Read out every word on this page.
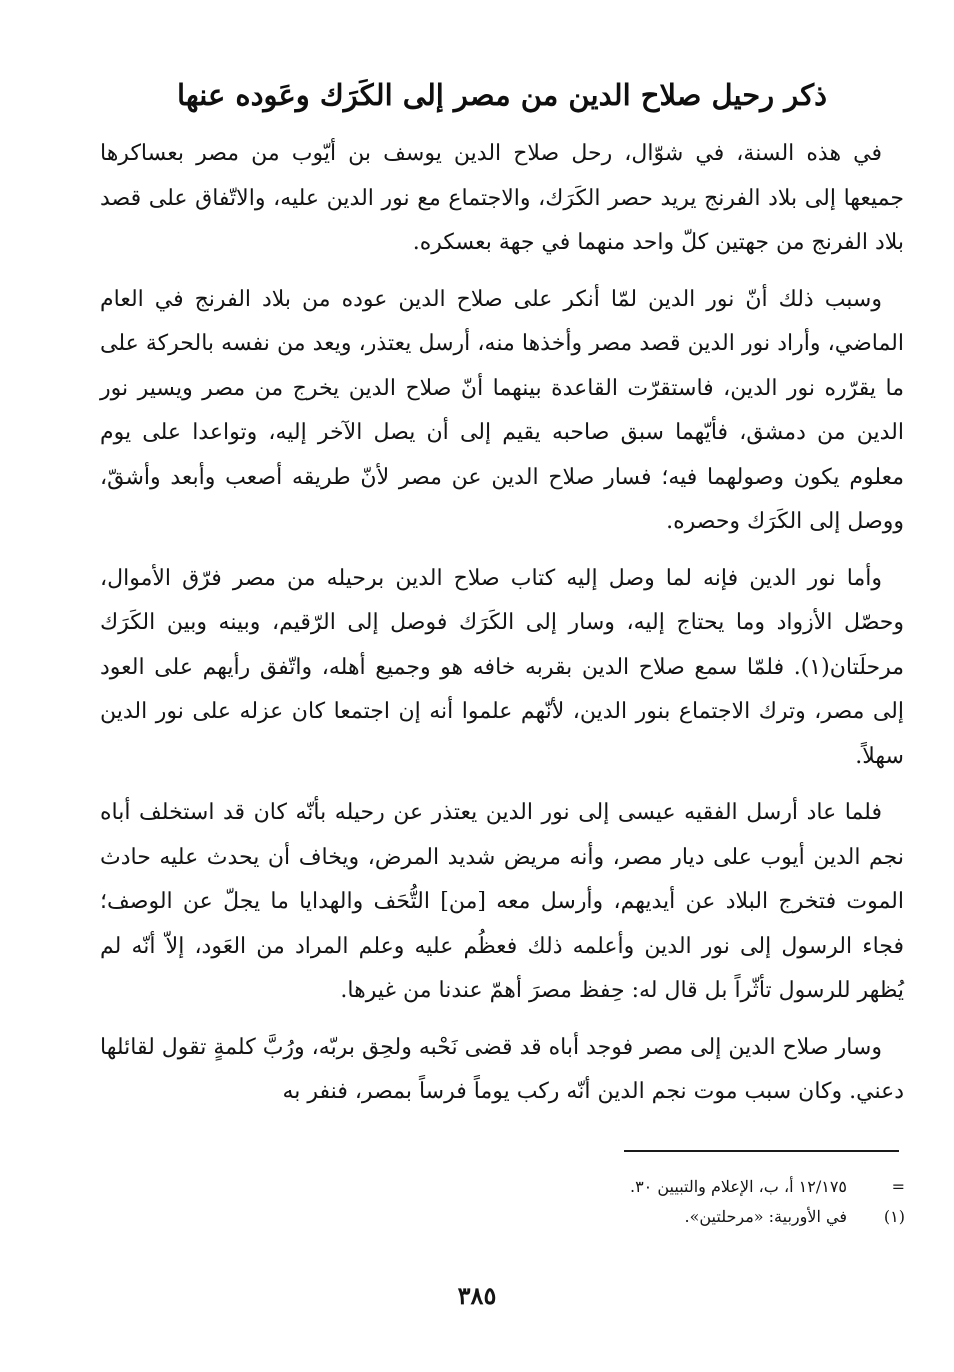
ذكر رحيل صلاح الدين من مصر إلى الكَرَك وعَوده عنها

في هذه السنة، في شوّال، رحل صلاح الدين يوسف بن أيّوب من مصر بعساكرها جميعها إلى بلاد الفرنج يريد حصر الكَرَك، والاجتماع مع نور الدين عليه، والاتّفاق على قصد بلاد الفرنج من جهتين كلّ واحد منهما في جهة بعسكره.

وسبب ذلك أنّ نور الدين لمّا أنكر على صلاح الدين عوده من بلاد الفرنج في العام الماضي، وأراد نور الدين قصد مصر وأخذها منه، أرسل يعتذر، ويعد من نفسه بالحركة على ما يقرّره نور الدين، فاستقرّت القاعدة بينهما أنّ صلاح الدين يخرج من مصر ويسير نور الدين من دمشق، فأيّهما سبق صاحبه يقيم إلى أن يصل الآخر إليه، وتواعدا على يوم معلوم يكون وصولهما فيه؛ فسار صلاح الدين عن مصر لأنّ طريقه أصعب وأبعد وأشقّ، ووصل إلى الكَرَك وحصره.

وأما نور الدين فإنه لما وصل إليه كتاب صلاح الدين برحيله من مصر فرّق الأموال، وحصّل الأزواد وما يحتاج إليه، وسار إلى الكَرَك فوصل إلى الرّقيم، وبينه وبين الكَرَك مرحلَتان(١). فلمّا سمع صلاح الدين بقربه خافه هو وجميع أهله، واتّفق رأيهم على العود إلى مصر، وترك الاجتماع بنور الدين، لأنّهم علموا أنه إن اجتمعا كان عزله على نور الدين سهلاً.

فلما عاد أرسل الفقيه عيسى إلى نور الدين يعتذر عن رحيله بأنّه كان قد استخلف أباه نجم الدين أيوب على ديار مصر، وأنه مريض شديد المرض، ويخاف أن يحدث عليه حادث الموت فتخرج البلاد عن أيديهم، وأرسل معه [من] التُّحَف والهدايا ما يجلّ عن الوصف؛ فجاء الرسول إلى نور الدين وأعلمه ذلك فعظُم عليه وعلم المراد من العَود، إلاّ أنّه لم يُظهر للرسول تأثّراً بل قال له: حِفظ مصرَ أهمّ عندنا من غيرها.

وسار صلاح الدين إلى مصر فوجد أباه قد قضى نَحْبه ولحِق بربّه، ورُبَّ كلمةٍ تقول لقائلها دعني. وكان سبب موت نجم الدين أنّه ركب يوماً فرساً بمصر، فنفر به

=
١٢/١٧٥ أ، ب، الإعلام والتبيين ٣٠.
(١)
في الأوربية: «مرحلتين».
٣٨٥
